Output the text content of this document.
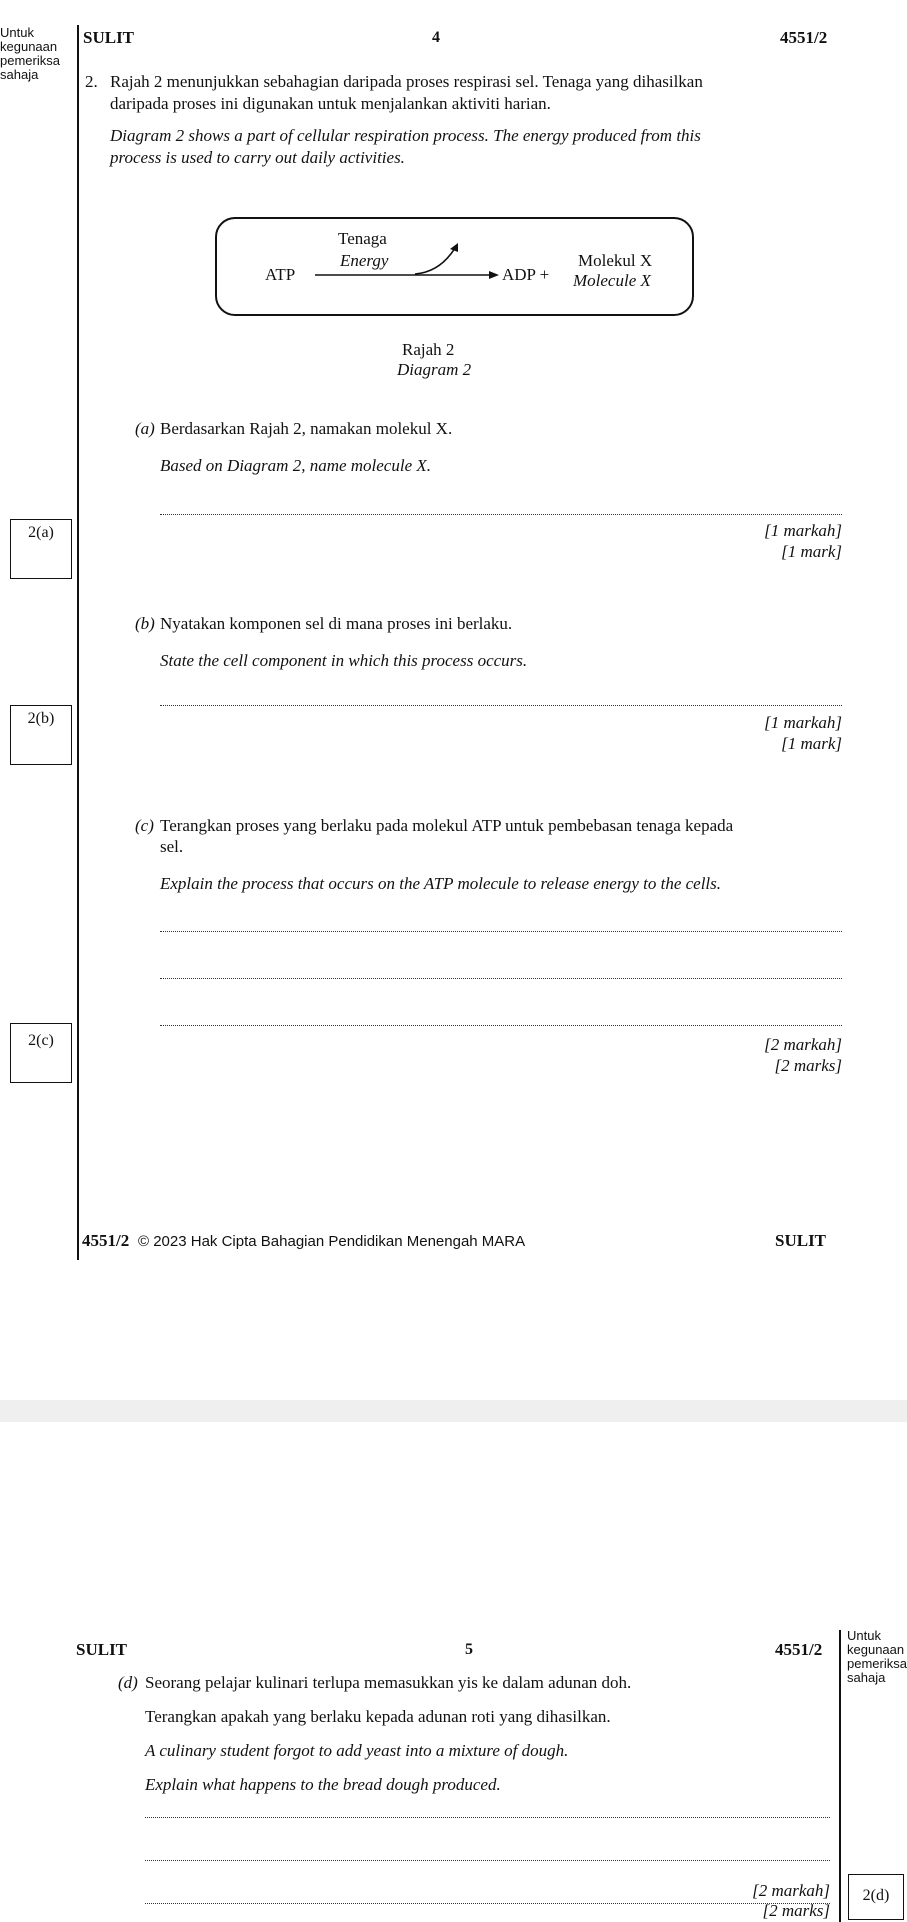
Untuk
kegunaan
pemeriksa
sahaja
SULIT	4	4551/2
2. Rajah 2 menunjukkan sebahagian daripada proses respirasi sel. Tenaga yang dihasilkan
daripada proses ini digunakan untuk menjalankan aktiviti harian.
Diagram 2 shows a part of cellular respiration process. The energy produced from this
process is used to carry out daily activities.
ATP
Tenaga
Energy
ADP +
Molekul X
Molecule X
Rajah 2
Diagram 2
(a) Berdasarkan Rajah 2, namakan molekul X.
Based on Diagram 2, name molecule X.
[1 markah]
[1 mark]
2(a)
(b) Nyatakan komponen sel di mana proses ini berlaku.
State the cell component in which this process occurs.
[1 markah]
[1 mark]
2(b)
(c) Terangkan proses yang berlaku pada molekul ATP untuk pembebasan tenaga kepada
sel.
Explain the process that occurs on the ATP molecule to release energy to the cells.
[2 markah]
[2 marks]
2(c)
4551/2 © 2023 Hak Cipta Bahagian Pendidikan Menengah MARA	SULIT
SULIT	5	4551/2
Untuk
kegunaan
pemeriksa
sahaja
(d) Seorang pelajar kulinari terlupa memasukkan yis ke dalam adunan doh.
Terangkan apakah yang berlaku kepada adunan roti yang dihasilkan.
A culinary student forgot to add yeast into a mixture of dough.
Explain what happens to the bread dough produced.
[2 markah]
[2 marks]
2(d)
